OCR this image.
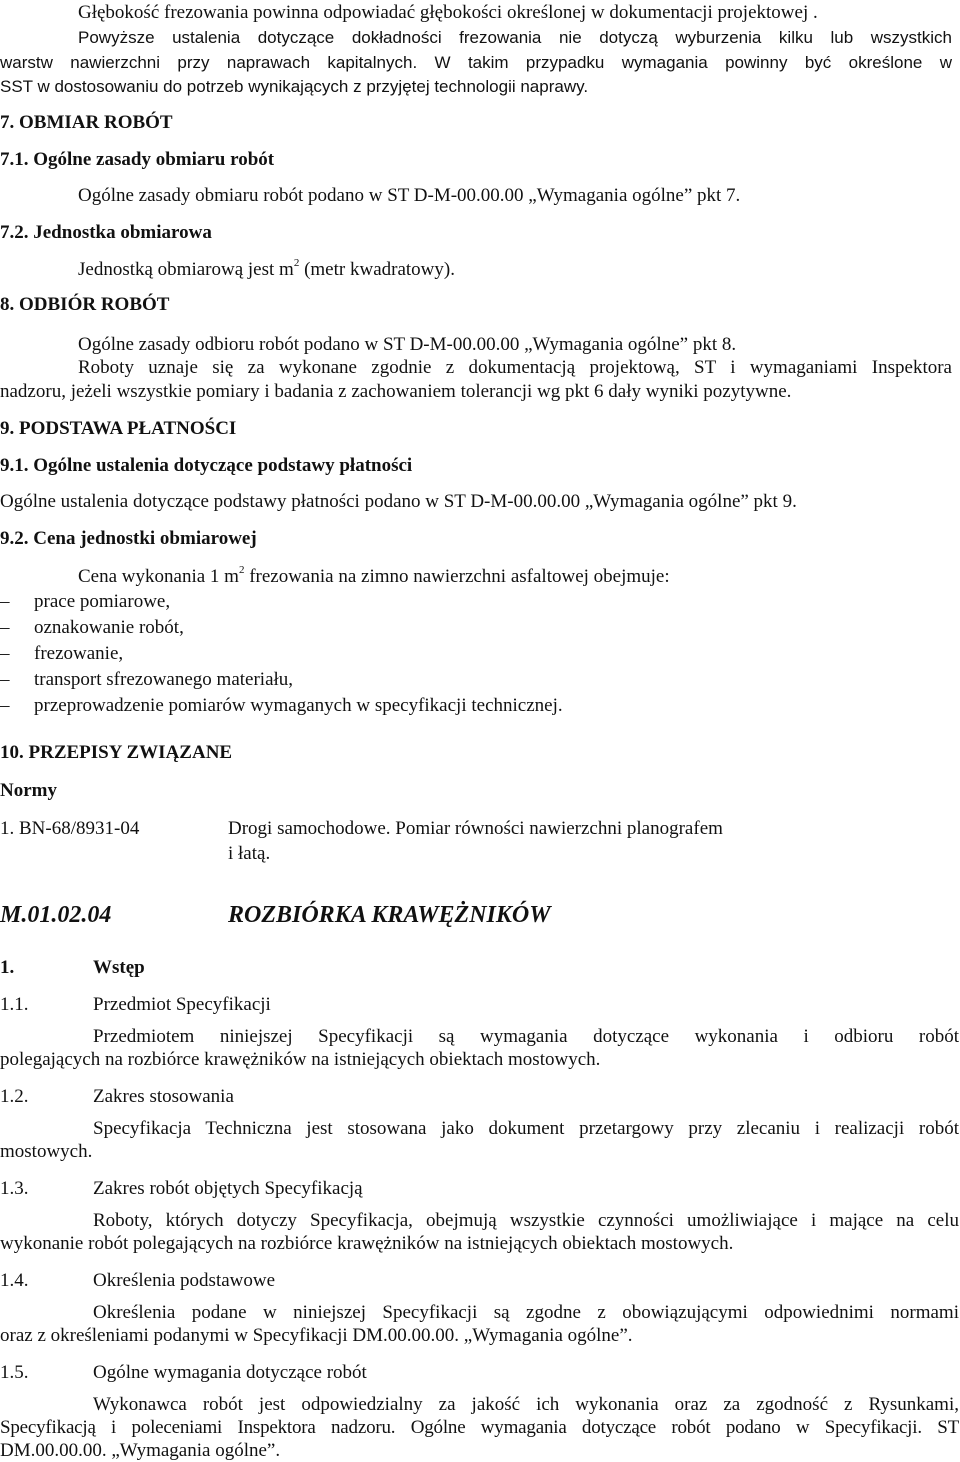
Głębokość frezowania powinna odpowiadać głębokości określonej w dokumentacji projektowej .
Powyższe ustalenia dotyczące dokładności frezowania nie dotyczą wyburzenia kilku lub wszystkich
warstw nawierzchni przy naprawach kapitalnych. W takim przypadku wymagania powinny być określone w
SST w dostosowaniu do potrzeb wynikających z przyjętej technologii naprawy.
7. OBMIAR ROBÓT
7.1. Ogólne zasady obmiaru robót
Ogólne zasady obmiaru robót podano w ST D-M-00.00.00 „Wymagania ogólne” pkt 7.
7.2. Jednostka obmiarowa
Jednostką obmiarową jest $m^2$ (metr kwadratowy).
8. ODBIÓR ROBÓT
Ogólne zasady odbioru robót podano w ST D-M-00.00.00 „Wymagania ogólne” pkt 8.
Roboty uznaje się za wykonane zgodnie z dokumentacją projektową, ST i wymaganiami Inspektora
nadzoru, jeżeli wszystkie pomiary i badania z zachowaniem tolerancji wg pkt 6 dały wyniki pozytywne.
9. PODSTAWA PŁATNOŚCI
9.1. Ogólne ustalenia dotyczące podstawy płatności
Ogólne ustalenia dotyczące podstawy płatności podano w ST D-M-00.00.00 „Wymagania ogólne” pkt 9.
9.2. Cena jednostki obmiarowej
Cena wykonania 1 $m^2$ frezowania na zimno nawierzchni asfaltowej obejmuje:
– prace pomiarowe,
– oznakowanie robót,
– frezowanie,
– transport sfrezowanego materiału,
– przeprowadzenie pomiarów wymaganych w specyfikacji technicznej.
10. PRZEPISY ZWIĄZANE
Normy
1. BN-68/8931-04	Drogi samochodowe. Pomiar równości nawierzchni planografem
i łatą.
M.01.02.04	ROZBIÓRKA KRAWĘŻNIKÓW
1.	Wstęp
1.1.	Przedmiot Specyfikacji
Przedmiotem niniejszej Specyfikacji są wymagania dotyczące wykonania i odbioru robót
polegających na rozbiórce krawężników na istniejących obiektach mostowych.
1.2.	Zakres stosowania
Specyfikacja Techniczna jest stosowana jako dokument przetargowy przy zlecaniu i realizacji robót
mostowych.
1.3.	Zakres robót objętych Specyfikacją
Roboty, których dotyczy Specyfikacja, obejmują wszystkie czynności umożliwiające i mające na celu
wykonanie robót polegających na rozbiórce krawężników na istniejących obiektach mostowych.
1.4.	Określenia podstawowe
Określenia podane w niniejszej Specyfikacji są zgodne z obowiązującymi odpowiednimi normami
oraz z określeniami podanymi w Specyfikacji DM.00.00.00. „Wymagania ogólne”.
1.5.	Ogólne wymagania dotyczące robót
Wykonawca robót jest odpowiedzialny za jakość ich wykonania oraz za zgodność z Rysunkami,
Specyfikacją i poleceniami Inspektora nadzoru. Ogólne wymagania dotyczące robót podano w Specyfikacji. ST
DM.00.00.00. „Wymagania ogólne”.
